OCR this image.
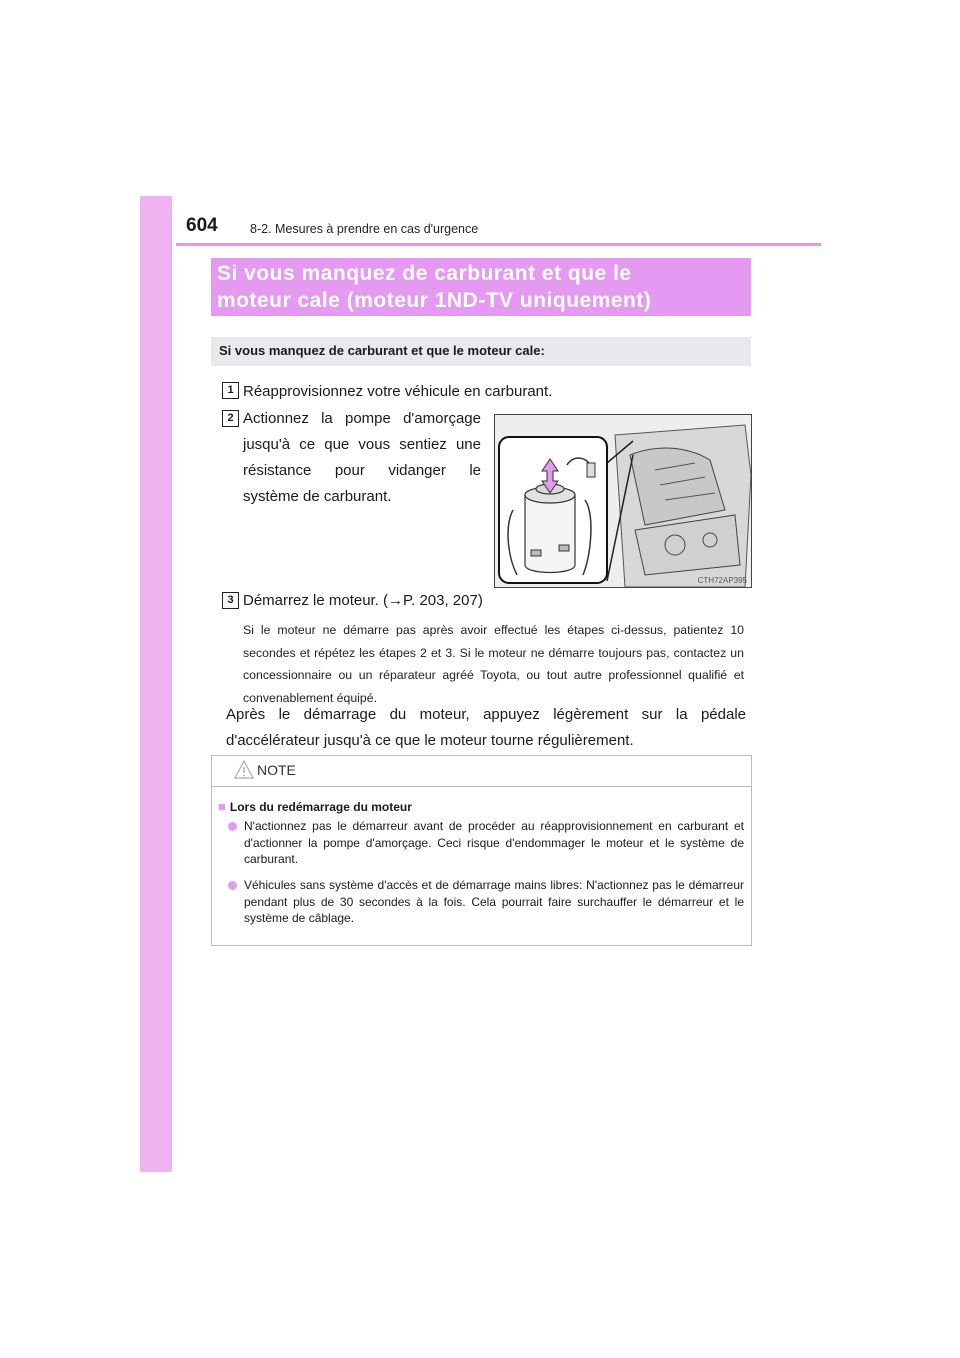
604	8-2. Mesures à prendre en cas d'urgence
Si vous manquez de carburant et que le
moteur cale (moteur 1ND-TV uniquement)
Si vous manquez de carburant et que le moteur cale:
1 Réapprovisionnez votre véhicule en carburant.
2 Actionnez la pompe d'amorçage jusqu'à ce que vous sentiez une résistance pour vidanger le système de carburant.
CTH72AP395
3 Démarrez le moteur. (→P. 203, 207)
Si le moteur ne démarre pas après avoir effectué les étapes ci-dessus, patientez 10 secondes et répétez les étapes 2 et 3. Si le moteur ne démarre toujours pas, contactez un concessionnaire ou un réparateur agréé Toyota, ou tout autre professionnel qualifié et convenablement équipé.
Après le démarrage du moteur, appuyez légèrement sur la pédale d'accélérateur jusqu'à ce que le moteur tourne régulièrement.
NOTE
■ Lors du redémarrage du moteur
N'actionnez pas le démarreur avant de procéder au réapprovisionnement en carburant et d'actionner la pompe d'amorçage. Ceci risque d'endommager le moteur et le système de carburant.
Véhicules sans système d'accès et de démarrage mains libres: N'actionnez pas le démarreur pendant plus de 30 secondes à la fois. Cela pourrait faire surchauffer le démarreur et le système de câblage.
